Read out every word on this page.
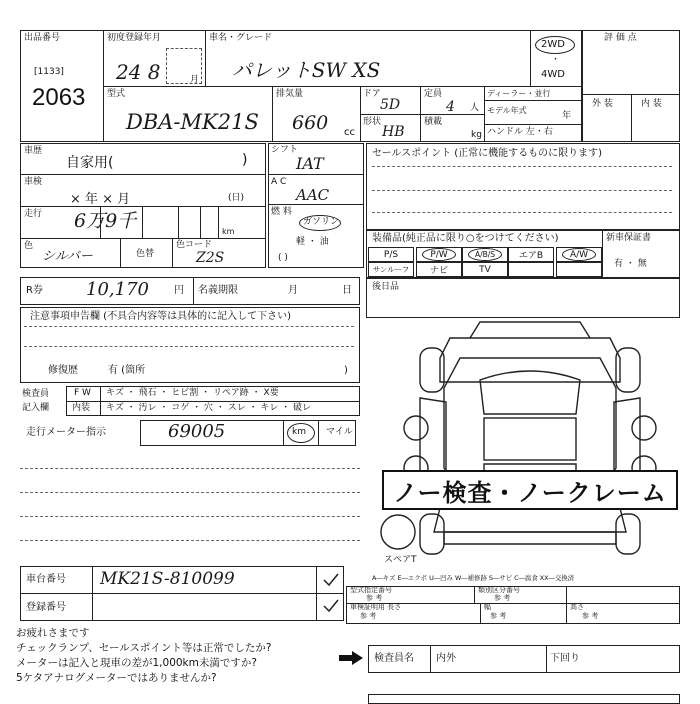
出品番号
[1133]
2063
初度登録年月
24 8	月
車名・グレード
パレットSW XS
2WD
・
4WD
型式
DBA-MK21S
排気量
660 cc
ドア
5D
定員
4 人
形状
HB
積載
kg
ディーラー・並行
モデル年式
年
ハンドル 左・右
評 価 点
外 装	内 装
車歴
自家用(	)
車検
× 年 × 月	(日)
走行 6万9千	km
色
シルバー	色替
色コード
Z2S
シフト
IAT
A C
AAC
燃 料
ガソリン
軽 ・ 油
( )
セールスポイント (正常に機能するものに限ります)
装備品(純正品に限り○をつけてください)	新車保証書
有 ・ 無
P/S	P/W	A/B/S	エアB	A/W
サンルーフ	ナビ	TV
R券 10,170	円 名義期限	月	日 後日品
注意事項申告欄 (不具合内容等は具体的に記入して下さい)
修復歴	有 (箇所	)
検査員
記入欄
F W キズ ・ 飛石 ・ ヒビ割 ・ リペア跡 ・ X要
内装 キズ ・ 汚レ ・ コゲ ・ 穴 ・ スレ ・ キレ ・ 破レ
走行メーター指示	69005	km マイル
スペアT
ノー検査・ノークレーム
A―キズ E―エクボ U―凹み W―補修跡 S―サビ C―腐食 XX―交換済
車台番号 MK21S-810099
登録番号
型式指定番号
参 考
類別区分番号
参 考
車検証明用 長さ
参 考
幅
参 考
高さ
参 考
お疲れさまです
チェックランプ、セールスポイント等は正常でしたか?
メーターは記入と現車の差が1,000km未満ですか?
5ケタアナログメーターではありませんか?
検査員名 内外	下回り
